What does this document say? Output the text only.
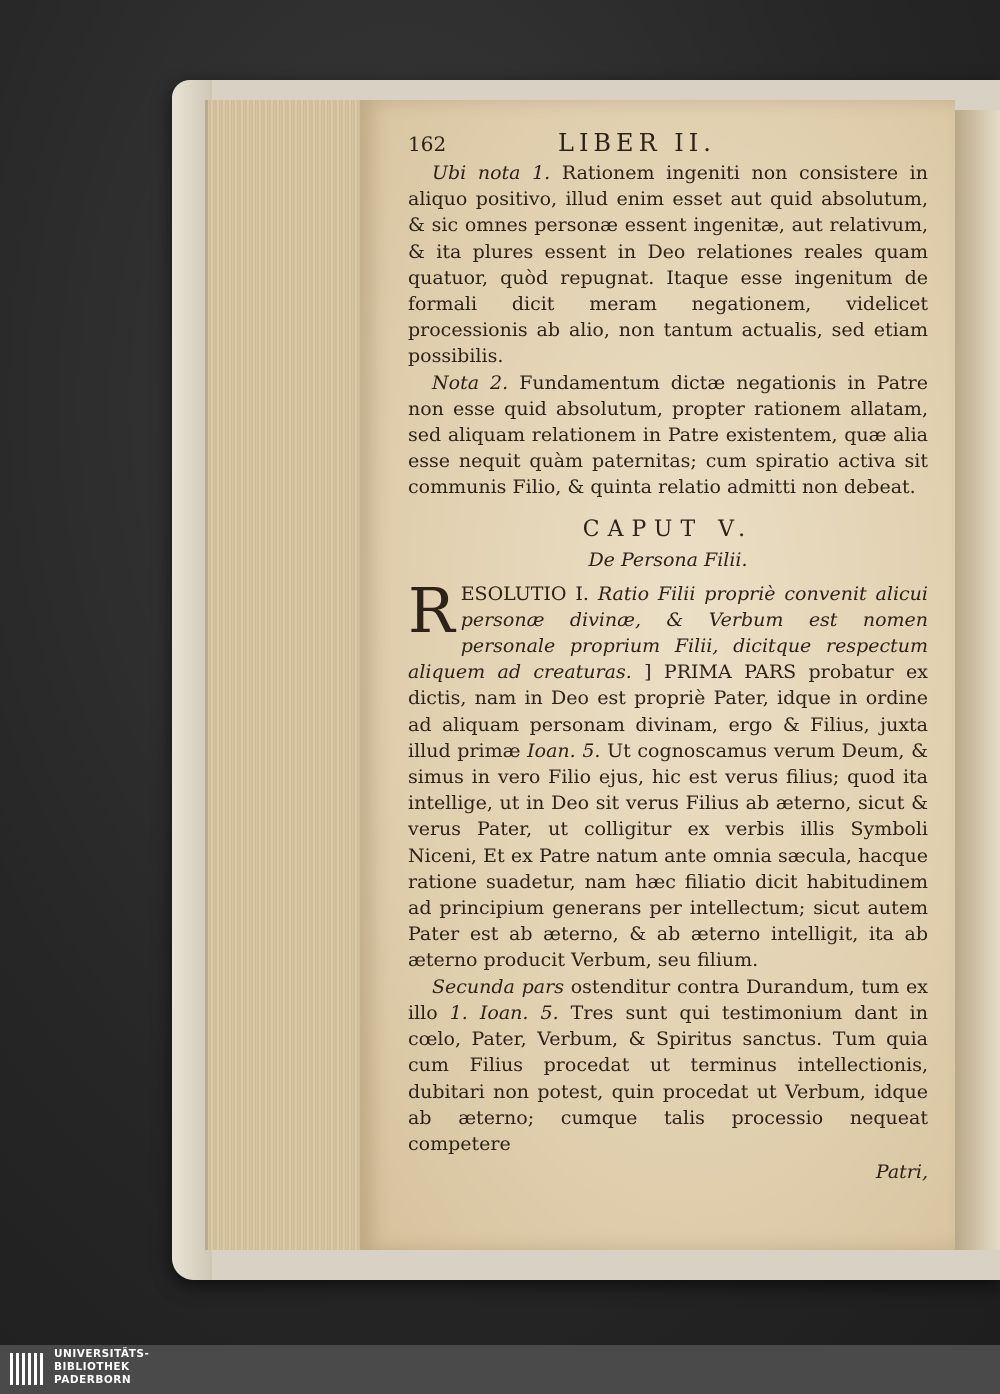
162	LIBER II.

Ubi nota 1. Rationem ingeniti non consistere in aliquo positivo, illud enim esset aut quid absolutum, & sic omnes personæ essent ingenitæ, aut relativum, & ita plures essent in Deo relationes reales quam quatuor, quòd repugnat. Itaque esse ingenitum de formali dicit meram negationem, videlicet processionis ab alio, non tantum actualis, sed etiam possibilis.

Nota 2. Fundamentum dictæ negationis in Patre non esse quid absolutum, propter rationem allatam, sed aliquam relationem in Patre existentem, quæ alia esse nequit quàm paternitas; cum spiratio activa sit communis Filio, & quinta relatio admitti non debeat.

CAPUT V.
De Persona Filii.

RESOLUTIO I. Ratio Filii propriè convenit alicui personæ divinæ, & Verbum est nomen personale proprium Filii, dicitque respectum aliquem ad creaturas. ] PRIMA PARS probatur ex dictis, nam in Deo est propriè Pater, idque in ordine ad aliquam personam divinam, ergo & Filius, juxta illud primæ Ioan. 5. Ut cognoscamus verum Deum, & simus in vero Filio ejus, hic est verus filius; quod ita intellige, ut in Deo sit verus Filius ab æterno, sicut & verus Pater, ut colligitur ex verbis illis Symboli Niceni, Et ex Patre natum ante omnia sæcula, hacque ratione suadetur, nam hæc filiatio dicit habitudinem ad principium generans per intellectum; sicut autem Pater est ab æterno, & ab æterno intelligit, ita ab æterno producit Verbum, seu filium.

Secunda pars ostenditur contra Durandum, tum ex illo 1. Ioan. 5. Tres sunt qui testimonium dant in cœlo, Pater, Verbum, & Spiritus sanctus. Tum quia cum Filius procedat ut terminus intellectionis, dubitari non potest, quin procedat ut Verbum, idque ab æterno; cumque talis processio nequeat competere

Patri,
UNIVERSITÄTS-
BIBLIOTHEK
PADERBORN
